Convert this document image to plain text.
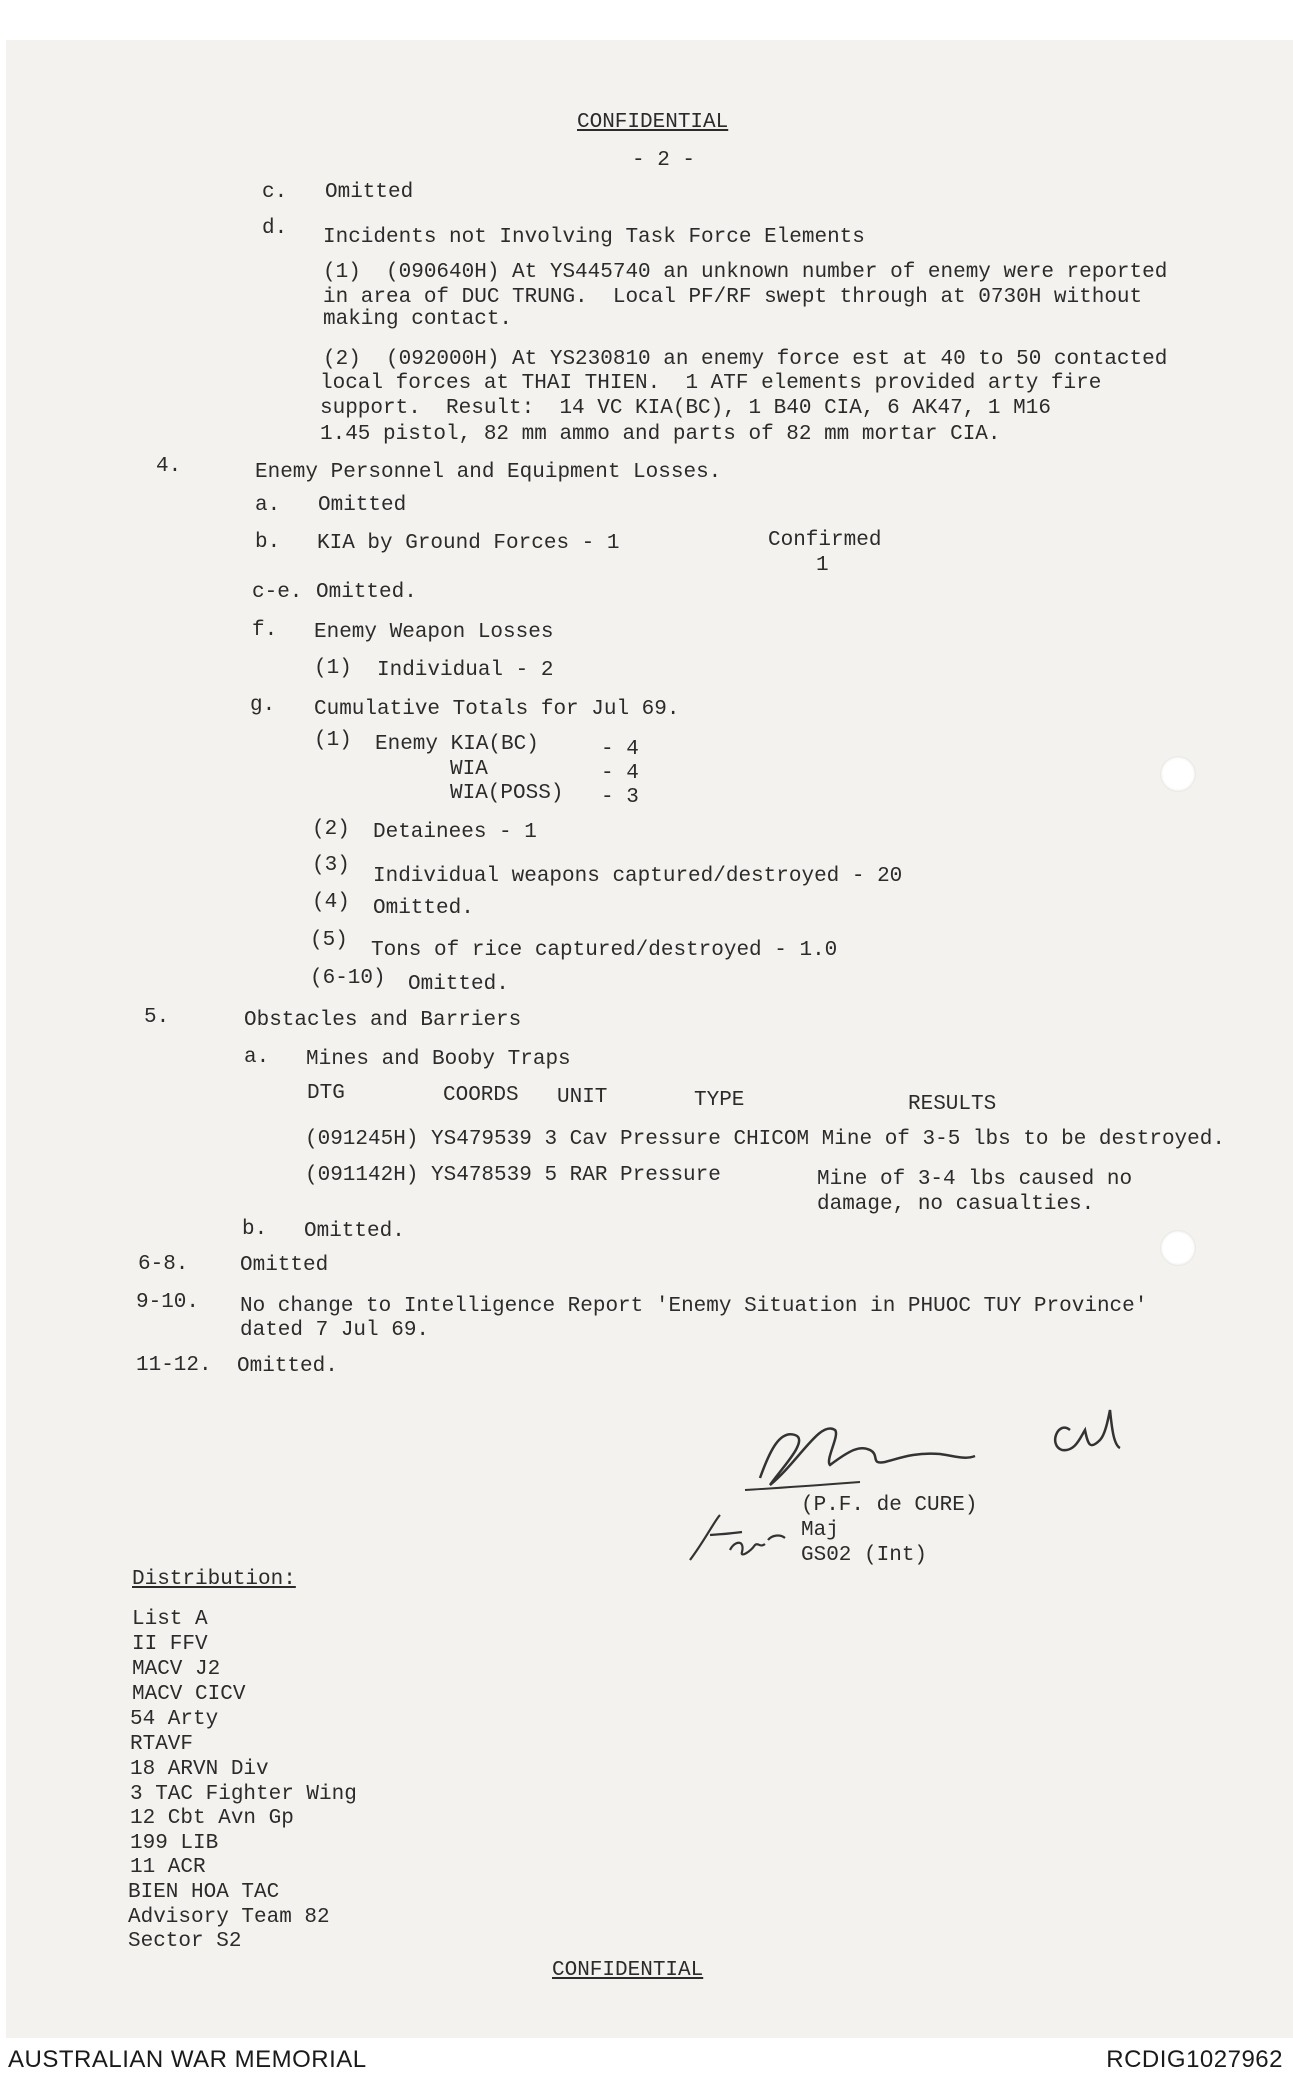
CONFIDENTIAL
- 2 -
c. Omitted
d. Incidents not Involving Task Force Elements
(1)  (090640H) At YS445740 an unknown number of enemy were reported
in area of DUC TRUNG.  Local PF/RF swept through at 0730H without
making contact.
(2)  (092000H) At YS230810 an enemy force est at 40 to 50 contacted
local forces at THAI THIEN.  1 ATF elements provided arty fire
support.  Result:  14 VC KIA(BC), 1 B40 CIA, 6 AK47, 1 M16
1.45 pistol, 82 mm ammo and parts of 82 mm mortar CIA.
4.	Enemy Personnel and Equipment Losses.
a. Omitted
b. KIA by Ground Forces - 1	Confirmed
1
c-e. Omitted.
f. Enemy Weapon Losses
(1) Individual - 2
g. Cumulative Totals for Jul 69.
(1) Enemy KIA(BC)	- 4
WIA	- 4
WIA(POSS) - 3
(2) Detainees - 1
(3) Individual weapons captured/destroyed - 20
(4) Omitted.
(5) Tons of rice captured/destroyed - 1.0
(6-10) Omitted.
5.	Obstacles and Barriers
a. Mines and Booby Traps
DTG	COORDS UNIT	TYPE	RESULTS
(091245H) YS479539 3 Cav Pressure CHICOM Mine of 3-5 lbs to be destroyed.
(091142H) YS478539 5 RAR Pressure	Mine of 3-4 lbs caused no
damage, no casualties.
b. Omitted.
6-8. Omitted
9-10. No change to Intelligence Report 'Enemy Situation in PHUOC TUY Province'
dated 7 Jul 69.
11-12. Omitted.
R Holmes Capt
for	(P.F. de CURE)
Maj
GS02 (Int)
Distribution:
List A
II FFV
MACV J2
MACV CICV
54 Arty
RTAVF
18 ARVN Div
3 TAC Fighter Wing
12 Cbt Avn Gp
199 LIB
11 ACR
BIEN HOA TAC
Advisory Team 82
Sector S2
CONFIDENTIAL
AUSTRALIAN WAR MEMORIAL	RCDIG1027962
